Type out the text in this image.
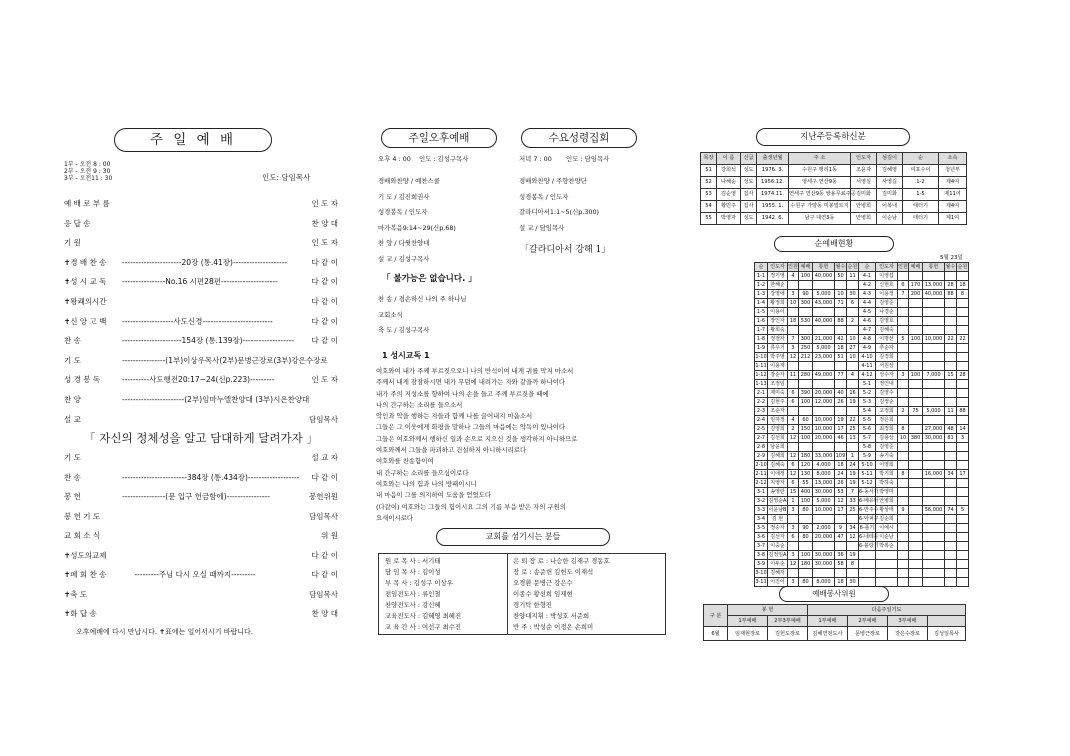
주 일 예 배
1부 - 오전 8 : 00
2부 - 오전 9 : 30
3부 - 오전11 : 30	인도: 담임목사
예 배 로 부 름	인 도 자
응 답 송	찬 양 대
기 원	인 도 자
✝경 배 찬 송 ----------------------20장 (통.41장)--------------------	다 같 이
✝성 시 교 독 ----------------No.16 시편28편---------------------	다 같 이
✝왕쾌의시간	다 같 이
✝신 앙 고 백 -------------------사도신경--------------------------	다 같 이
찬 송	----------------------154장 (통.139장)-------------------	다 같 이
기 도	----------------(1부)이상우목사(2부)문병근장로(3부)강은수장로
성 경 봉 독	----------사도행전20:17~24(신p.223)---------	인 도 자
찬 양	-----------------------(2부)임마누엘찬양대 (3부)시온찬양대
설 교	담임목사
「 자신의 정체성을 알고 담대하게 달려가자 」
기 도	설 교 자
찬 송	------------------------384장 (통.434장)-------------------	다 같 이
봉 헌	----------------(문 입구 헌금함에)----------------	봉헌위원
봉 헌 기 도	담임목사
교 회 소 식	위 원
✝성도의교제	다 같 이
✝폐 회 찬 송	---------주님 다시 오실 때까지---------	다 같 이
✝축 도	담임목사
✝화 답 송	찬 양 대
오후예배에 다시 만납시다. ✝표에는 일어서시기 바랍니다.
주일오후예배	수요성령집회
오후 4 : 00 인도 : 김성구목사	저녁 7 : 00 인도 : 담임목사
경배와찬양 / 예찬스쿨
기 도 / 김진희권사
성경봉독 / 인도자
마가복음9:14~29(신p.68)
찬 양 / 다윗찬양대
설 교 / 김성구목사
「 불가능은 없습니다. 」
찬 송 / 겸손하신 나의 주 하나님
교회소식
축 도 / 김성구목사
경배와찬양 / 주향찬양단
성경봉독 / 인도자
갈라디아서1:1~5(신p.300)
설 교 / 담임목사
「갈라디아서 강해 1」
1 성시교독 1
여호와여 내가 주께 부르짖으오니 나의 반석이여 내게 귀를 막지 마소서
주께서 내게 잠잠하시면 내가 무덤에 내려가는 자와 같을까 하나이다
내가 주의 지성소를 향하여 나의 손을 들고 주께 부르짖을 때에
나의 간구하는 소리를 들으소서
악인과 악을 행하는 자들과 함께 나를 끌어내지 마옵소서
그들은 그 이웃에게 화평을 말하나 그들의 마음에는 악독이 있나이다
그들은 여호와께서 행하신 일과 손으로 지으신 것을 생각하지 아니하므로
여호와께서 그들을 파괴하고 건설하지 아니하시리로다
여호와를 찬송함이여
내 간구하는 소리를 들으심이로다
여호와는 나의 힘과 나의 방패이시니
내 마음이 그를 의지하여 도움을 얻었도다
(다같이) 여호와는 그들의 힘이시요 그의 기름 부음 받은 자의 구원의
요새이시로다
교회를 섬기시는 분들
원 로 목 사 : 서기태
담 임 목 사 : 김이성
부 목 사 : 김성구 이상우
전임전도사 : 류인철
찬양전도사 : 강신혜
교육전도사 : 김혜영 최혜진
교 육 간 사 : 여선구 최수진
은 퇴 장 로 : 나승한 김재구 경동호
장 로 : 송준헌 김헌도 이재석
오경환 문병근 강은수
이종수 황선희 임재현
경기탁 한형진
찬양대지휘 : 박성호 서준희
반 주 : 박성순 이정은 손희미
지난주등록하신분
목장	이 름	신급	출생년월	주 소	인도자	섬김이	순	소속
51	강희석	성도	1976. 3.	수원구 행리1동	조윤자	김혜영	여포수이	청년부
52	나혜순	성도	1956.12.	영세구 연산9동	서영실	사영길	1-2	제4여
53	김순영	집사	1974.11.	연세구 연산9동 쌍용무료주공	김미화	김미화	1-5	제11여
54	황민주	집사	1955. 1.	수원구 가양동 미봉빌트지	안병희	이복내	태터기	제4여
55	박영자	성도	1942. 6.	남구 대연3동	안병희	이순남	태터기	제1여
순예배현황
5월 23일
순	인도자	인원	예배	통헌	월수	순원	순	인도자	인원	예배	통헌	월수	순원
1-1	정기영	4	100	40,000	50	11	4-1	이영섭					
1-2	한혜순						4-2	신현호	6	170	13,000	28	18
1-3	강영애	3	90	5,000	10	30	4-3	이용정	7	200	40,000	88	8
1-4	황정희	10	300	43,000	71	6	4-4	김영준					
1-5	이용이						4-5	나경순					
1-6	장인자	18	530	40,000	88	2	4-6	김영호					
1-7	황희숙						4-7	김혜숙					
1-8	정점자	7	300	21,000	42	10	4-8	이명선	5	100	10,000	22	22
1-9	류우기	3	250	5,000	18	27	4-9	추순자					
1-10	박주영	12	212	23,000	51	10	4-10	김경희					
1-11	이용재						4-11	서원상					
1-12	장순자	11	280	49,000	77	4	4-12	성수자	3	100	7,000	15	28
1-13	조정임						5-1	정인내					
2-1	제미숙	6	390	20,000	40	16	5-2	김영수					
2-2	김현주	6	100	12,000	26	19	5-3	김정순					
2-3	조순자						5-4	고정희	2	75	5,000	11	88
2-4	임하정	4	60	10,000	19	22	5-5	정은희					
2-5	김영희	2	150	10,000	17	25	5-6	최정희	8		27,000	48	14
2-7	김선희	12	100	20,000	46	13	5-7	김용상	10	380	30,000	81	3
2-8	남윤희						5-8	김영준					
2-9	김혜희	12	180	33,000	109	1	5-9	송기숙					
2-10	김혜숙	6	120	4,000	18	24	5-10	이영희					
2-11	이애정	12	130	8,000	24	19	5-11	박기희	8		16,000	34	17
2-12	지영자	6	55	13,000	26	19	5-12	박하숙					
3-1	송영란	15	400	30,000	53	7	6-동서가	박영미					
3-2	김영순A	1	100	5,000	12	33	6-베유너	안병희					
3-3	이윤남B	3	80	10,000	17	25	6-반주수	황상태	9		56,000	74	5
3-4	김 현						6-악퍼구	김순희					
3-5	정승자	3	90	2,000	9	34	6-플기	이예시					
3-6	김선자	6	80	20,000	47	12	6-네테를	이순남					
3-7	이중순						6-블랑기	박복순					
3-8	김정임A	3	100	30,000	36	19							
3-9	이두순	12	180	30,000	58	8							
3-10	김혜자												
3-11	이진이	3	80	8,000	18	30							
예배봉사위원
구 분	봉 헌		다음주일기도			
	1부예배	2부3부예배	1부예배	2부예배	3부예배	
6월	임재현장로	김헌도장로	김혜연전도사	문병근장로	강은수장로	김성일목사
